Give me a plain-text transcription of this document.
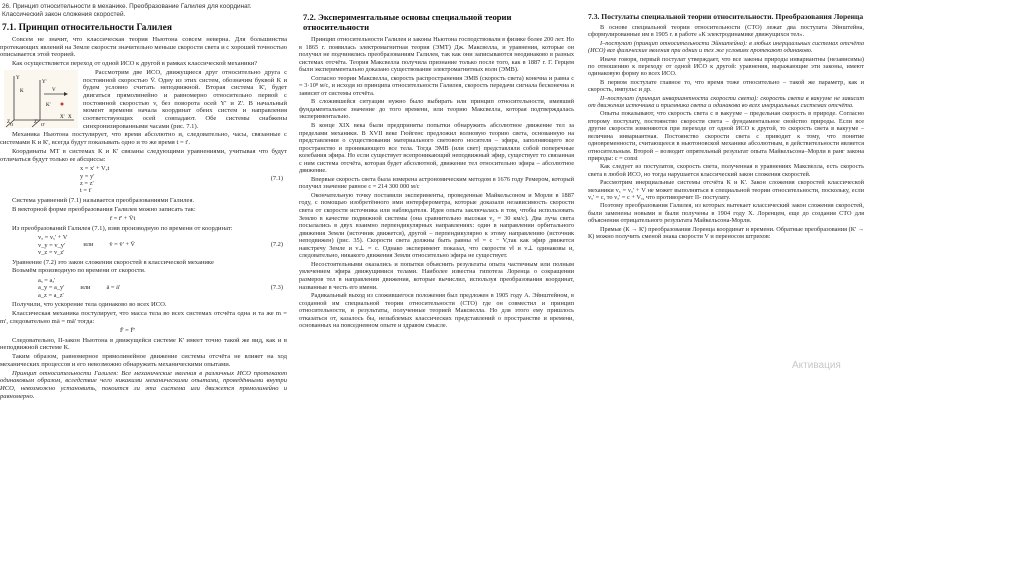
26. Принцип относительности в механике. Преобразование Галилея для координат.
Классический закон сложения скоростей.
7.1. Принцип относительности Галилея

Совсем не значит, что классическая теория Ньютона совсем неверна. Для большинства протекающих явлений на Земле скорости значительно меньше скорости света и с хорошей точностью описывается этой теорией.

Как осуществляется переход от одной ИСО к другой в рамках классической механики?

Y
Y'
K
K'
V
X
X'
Z	Z'
O	O'

Рассмотрим две ИСО, движущиеся друг относительно друга с постоянной скоростью V̄. Одну из этих систем, обозначим буквой К и будем условно считать неподвижной. Вторая система К', будет двигаться прямолинейно и равномерно относительно первой с постоянной скоростью v, без поворота осей Y' и Z'. В начальный момент времени начала координат обеих систем и направления соответствующих осей совпадают. Обе системы снабжены синхронизированными часами (рис. 7.1).

Механика Ньютона постулирует, что время абсолютно и, следовательно, часы, связанные с системами К и К', всегда будут показывать одно и то же время t = t'.

Координаты МТ в системах К и К' связаны следующими уравнениями, учитывая что будут отличаться будут только ее абсциссы:

x = x' + Vₓt
y = y'
z = z'
t = t'
(7.1)

Система уравнений (7.1) называется преобразованиями Галилея.

В векторной форме преобразования Галилея можно записать так:

r̄ = r̄' + V̄t

Из преобразований Галилея (7.1), взяв производную по времени от координат:

vₓ = vₓ' + V
v_y = v_y'
v_z = v_z'
или	v̄ = v̄' + V̄	(7.2)

Уравнение (7.2) это закон сложения скоростей в классической механике

Возьмём производную по времени от скорости.

aₓ = aₓ'
a_y = a_y'
a_z = a_z'
или	ā = ā'	(7.3)

Получили, что ускорение тела одинаково во всех ИСО.

Классическая механика постулирует, что масса тела во всех системах отсчёта одна и та же m = m', следовательно mā = mā' тогда:

F̄ = F̄'

Следовательно, II-закон Ньютона в движущейся системе К' имеет точно такой же вид, как и в неподвижной системе К.

Таким образом, равномерное прямолинейное движение системы отсчёта не влияет на ход механических процессов и его невозможно обнаружить механическими опытами.

Принцип относительности Галилея: Все механические явления в различных ИСО протекают одинаковым образом, вследствие чего никакими механическими опытами, проведёнными внутри ИСО, невозможно установить, покоится ли эта система или движется прямолинейно и равномерно.

7.2. Экспериментальные основы специальной теории относительности

Принцип относительности Галилея и законы Ньютона господствовали в физике более 200 лет. Но в 1865 г. появилась электромагнитная теория (ЭМТ) Дж. Максвелла, и уравнения, которые он получил не подчинялись преобразованиям Галилея, так как они записываются неодинаково в разных системах отсчёта. Теория Максвелла получила признание только после того, как в 1887 г. Г. Герцем были экспериментально доказано существование электромагнитных волн (ЭМВ).

Согласно теории Максвелла, скорость распространения ЭМВ (скорость света) конечна и равна c = 3·10⁸ м/с, и исходя из принципа относительности Галилея, скорость передачи сигнала бесконечна и зависит от системы отсчёта.

В сложившейся ситуации нужно было выбирать или принцип относительности, имевший фундаментальное значение до того времени, или теорию Максвелла, которая подтверждалась экспериментально.

В конце XIX века были предприняты попытки обнаружить абсолютное движение тел за пределами механики. В XVII веке Гюйгенс предложил волновую теорию света, основанную на представлении о существовании материального светового носителя – эфира, заполняющего все пространство и проникающего все тела. Тогда ЭМВ (или свет) представляли собой поперечные колебания эфира. Но если существует всепроникающий неподвижный эфир, существует то связанная с ним система отсчёта, которая будет абсолютной, движение тел относительно эфира – абсолютное движение.

Впервые скорость света была измерена астрономическим методом в 1676 году Ремером, который получил значение равное c = 214 300 000 м/с

Окончательную точку поставили эксперименты, проведенные Майкельсоном и Морли в 1887 году, с помощью изобретённого ими интерферометра, которые доказали независимость скорости света от скорости источника или наблюдателя. Идея опыта заключалась в том, чтобы использовать Землю в качестве подвижной системы (она сравнительно высокая v₃ = 30 км/с). Два луча света посылались в двух взаимно перпендикулярных направлениях: один в направлении орбитального движения Земли (источник движется), другой – перпендикулярно к этому направлению (источник неподвижен) (рис. 35). Скорости света должны быть равны v‖ = c − V,так как эфир движется навстречу Земле и v⊥ = c. Однако эксперимент показал, что скорости v‖ и v⊥ одинаковы и, следовательно, никакого движения Земли относительно эфира не существует.

Несостоятельными оказались и попытки объяснить результаты опыта частичным или полным увлечением эфира движущимися телами. Наиболее известна гипотеза Лоренца о сокращении размеров тел в направлении движения, которые вычислил, используя преобразования координат, названные в честь его имени.

Радикальный выход из сложившегося положения был предложен в 1905 году А. Эйнштейном, в созданной им специальной теории относительности (СТО) где он совместил и принцип относительности, и результаты, полученные теорией Максвелла. Но для этого ему пришлось отказаться от, казалось бы, незыблемых классических представлений о пространстве и времени, основанных на повседневном опыте и здравом смысле.

7.3. Постулаты специальной теории относительности. Преобразования Лоренца

В основе специальной теории относительности (СТО) лежат два постулата Эйнштейна, сформулированные им в 1905 г. в работе «К электродинамике движущихся тел».

I–постулат (принцип относительности Эйнштейна): в любых инерциальных системах отсчёта (ИСО) все физические явления при одних и тех же условиях протекают одинаково.

Иначе говоря, первый постулат утверждает, что все законы природы инвариантны (независимы) по отношению к переходу от одной ИСО к другой: уравнения, выражающие эти законы, имеют одинаковую форму во всех ИСО.

В первом постулате главное то, что время тоже относительно – такой же параметр, как и скорость, импульс и др.

II–постулат (принцип инвариантности скорости света): скорость света в вакууме не зависит от движения источника и приемника света и одинакова во всех инерциальных системах отсчёта.

Опыты показывают, что скорость света c в вакууме – предельная скорость в природе. Согласно второму постулату, постоянство скорости света – фундаментальное свойство природы. Если все другие скорости изменяются при переходе от одной ИСО к другой, то скорость света в вакууме – величина инвариантная. Постоянство скорости света c приводит к тому, что понятие одновременности, считающееся в ньютоновской механике абсолютным, в действительности является относительным. Второй – возводит опрятельный результат опыта Майкельсона–Морли в ранг закона природы: c = const

Как следует из постулатов, скорость света, полученная в уравнениях Максвелла, есть скорость света в любой ИСО, но тогда нарушается классический закон сложения скоростей.

Рассмотрим инерциальные системы отсчёта К и К'. Закон сложения скоростей классической механики vₓ = vₓ' + V не может выполняться в специальной теории относительности, поскольку, если vₓ' = c, то vₓ' = c + Vₓ, что противоречит II- постулату.

Поэтому преобразования Галилея, из которых вытекает классический закон сложения скоростей, были заменены новыми и были получены в 1904 году Х. Лоренцем, еще до создания СТО для объяснения отрицательного результата Майкельсона-Морли.

Прямые (К → К') преобразования Лоренца координат и времени. Обратные преобразования (К' → К) можно получить сменой знака скорости V и переносом штрихов:

Активация
